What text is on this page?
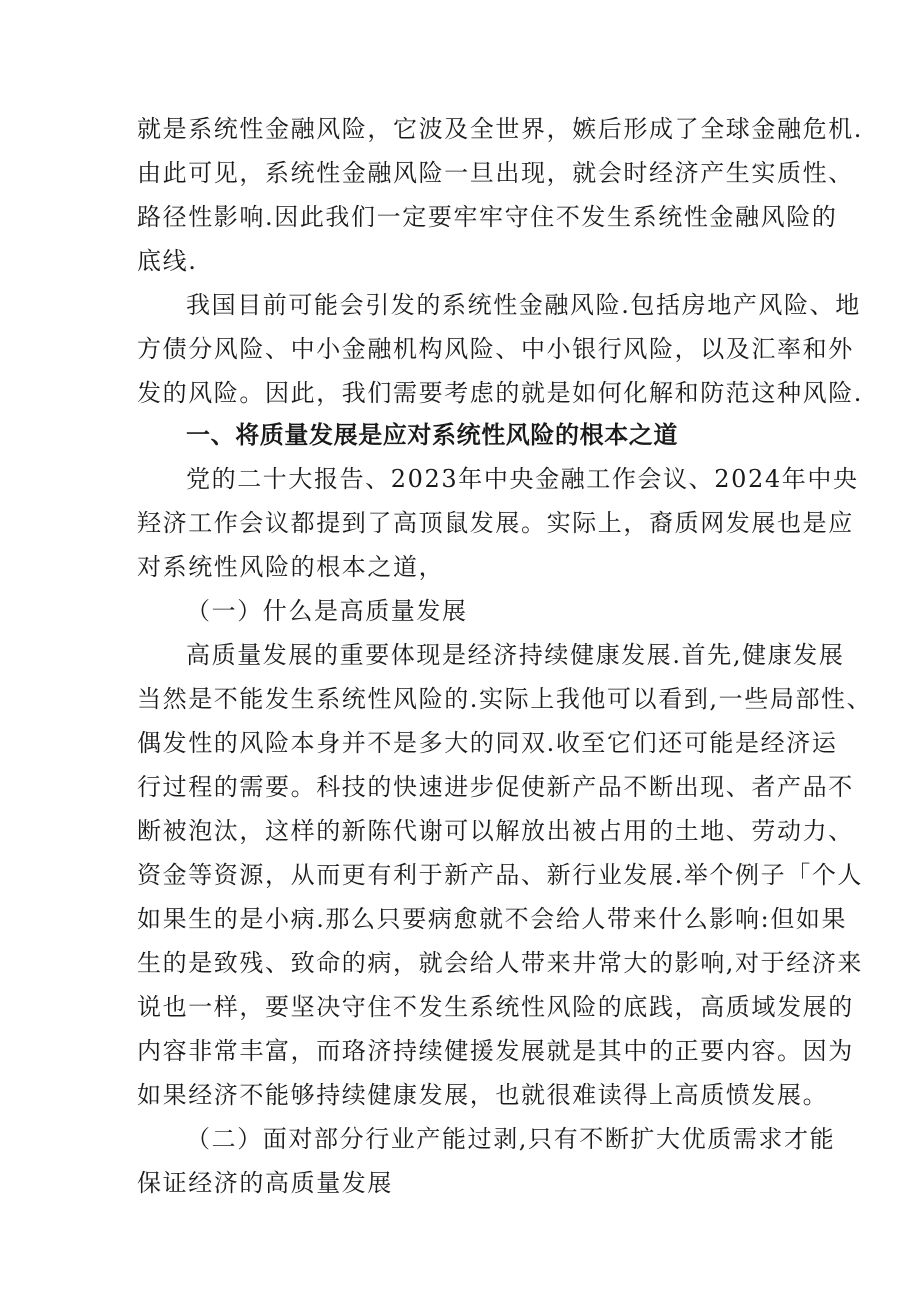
就是系统性金融风险，它波及全世界，嫉后形成了全球金融危机.
由此可见，系统性金融风险一旦出现，就会时经济产生实质性、
路径性影响.因此我们一定要牢牢守住不发生系统性金融风险的
底线.
我国目前可能会引发的系统性金融风险.包括房地产风险、地
方债分风险、中小金融机构风险、中小银行风险，以及汇率和外
发的风险。因此，我们需要考虑的就是如何化解和防范这种风险.
一、将质量发展是应对系统性风险的根本之道
党的二十大报告、2023年中央金融工作会议、2024年中央
羟济工作会议都提到了高顶鼠发展。实际上，裔质网发展也是应
对系统性风险的根本之道，
（一）什么是高质量发展
高质量发展的重要体现是经济持续健康发展.首先,健康发展
当然是不能发生系统性风险的.实际上我他可以看到,一些局部性、
偶发性的风险本身并不是多大的同双.收至它们还可能是经济运
行过程的需要。科技的快速进步促使新产品不断出现、者产品不
断被泡汰，这样的新陈代谢可以解放出被占用的土地、劳动力、
资金等资源，从而更有利于新产品、新行业发展.举个例子「个人
如果生的是小病.那么只要病愈就不会给人带来什么影响:但如果
生的是致残、致命的病，就会给人带来井常大的影响,对于经济来
说也一样，要坚决守住不发生系统性风险的底践，高质域发展的
内容非常丰富，而珞济持续健援发展就是其中的正要内容。因为
如果经济不能够持续健康发展，也就很难读得上高质愤发展。
（二）面对部分行业产能过剥,只有不断扩大优质需求才能
保证经济的高质量发展
